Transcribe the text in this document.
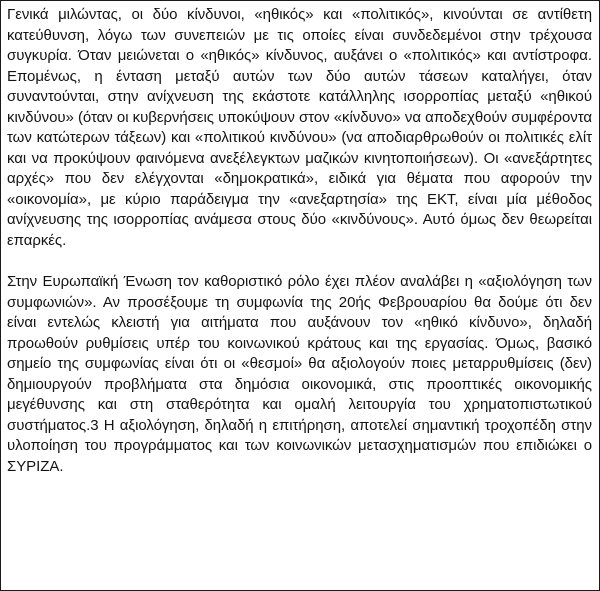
Γενικά μιλώντας, οι δύο κίνδυνοι, «ηθικός» και «πολιτικός», κινούνται σε αντίθετη κατεύθυνση, λόγω των συνεπειών με τις οποίες είναι συνδεδεμένοι στην τρέχουσα συγκυρία. Όταν μειώνεται ο «ηθικός» κίνδυνος, αυξάνει ο «πολιτικός» και αντίστροφα. Επομένως, η ένταση μεταξύ αυτών των δύο αυτών τάσεων καταλήγει, όταν συναντούνται, στην ανίχνευση της εκάστοτε κατάλληλης ισορροπίας μεταξύ «ηθικού κινδύνου» (όταν οι κυβερνήσεις υποκύψουν στον «κίνδυνο» να αποδεχθούν συμφέροντα των κατώτερων τάξεων) και «πολιτικού κινδύνου» (να αποδιαρθρωθούν οι πολιτικές ελίτ και να προκύψουν φαινόμενα ανεξέλεγκτων μαζικών κινητοποιήσεων). Οι «ανεξάρτητες αρχές» που δεν ελέγχονται «δημοκρατικά», ειδικά για θέματα που αφορούν την «οικονομία», με κύριο παράδειγμα την «ανεξαρτησία» της ΕΚΤ, είναι μία μέθοδος ανίχνευσης της ισορροπίας ανάμεσα στους δύο «κινδύνους». Αυτό όμως δεν θεωρείται επαρκές.

Στην Ευρωπαϊκή Ένωση τον καθοριστικό ρόλο έχει πλέον αναλάβει η «αξιολόγηση των συμφωνιών». Αν προσέξουμε τη συμφωνία της 20ής Φεβρουαρίου θα δούμε ότι δεν είναι εντελώς κλειστή για αιτήματα που αυξάνουν τον «ηθικό κίνδυνο», δηλαδή προωθούν ρυθμίσεις υπέρ του κοινωνικού κράτους και της εργασίας. Όμως, βασικό σημείο της συμφωνίας είναι ότι οι «θεσμοί» θα αξιολογούν ποιες μεταρρυθμίσεις (δεν) δημιουργούν προβλήματα στα δημόσια οικονομικά, στις προοπτικές οικονομικής μεγέθυνσης και στη σταθερότητα και ομαλή λειτουργία του χρηματοπιστωτικού συστήματος.3 Η αξιολόγηση, δηλαδή η επιτήρηση, αποτελεί σημαντική τροχοπέδη στην υλοποίηση του προγράμματος και των κοινωνικών μετασχηματισμών που επιδιώκει ο ΣΥΡΙΖΑ.
